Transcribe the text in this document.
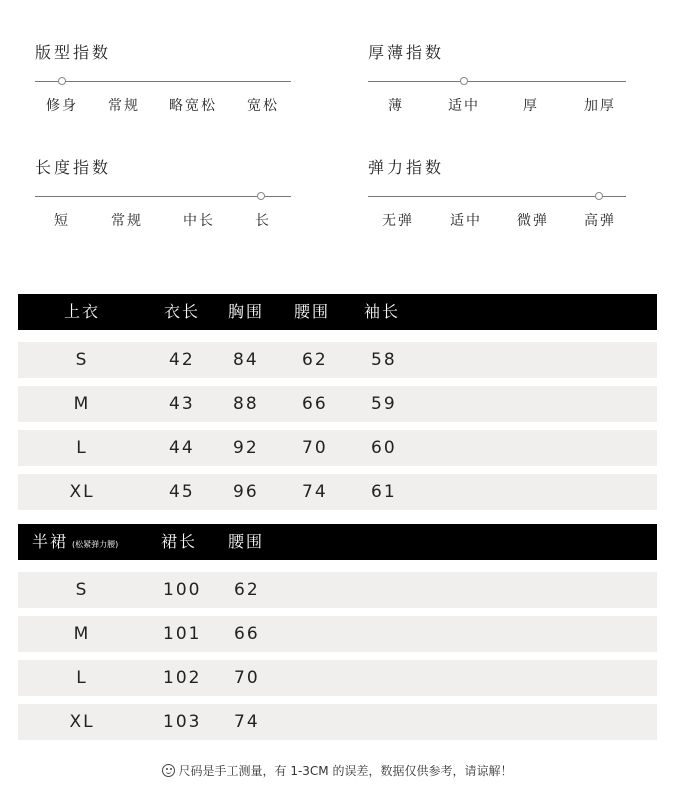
版型指数
修身 常规 略宽松 宽松
厚薄指数
薄	适中	厚	加厚
长度指数
短	常规	中长	长
弹力指数
无弹	适中	微弹	高弹
上衣	衣长 胸围 腰围 袖长
S	42 84	62	58
M	43 88	66	59
L	44 92	70	60
XL	45 96	74	61
半裙 (松紧弹力腰)	裙长 腰围
S	100 62
M	101 66
L	102 70
XL	103 74
尺码是手工测量，有 1-3CM 的误差，数据仅供参考，请谅解！
